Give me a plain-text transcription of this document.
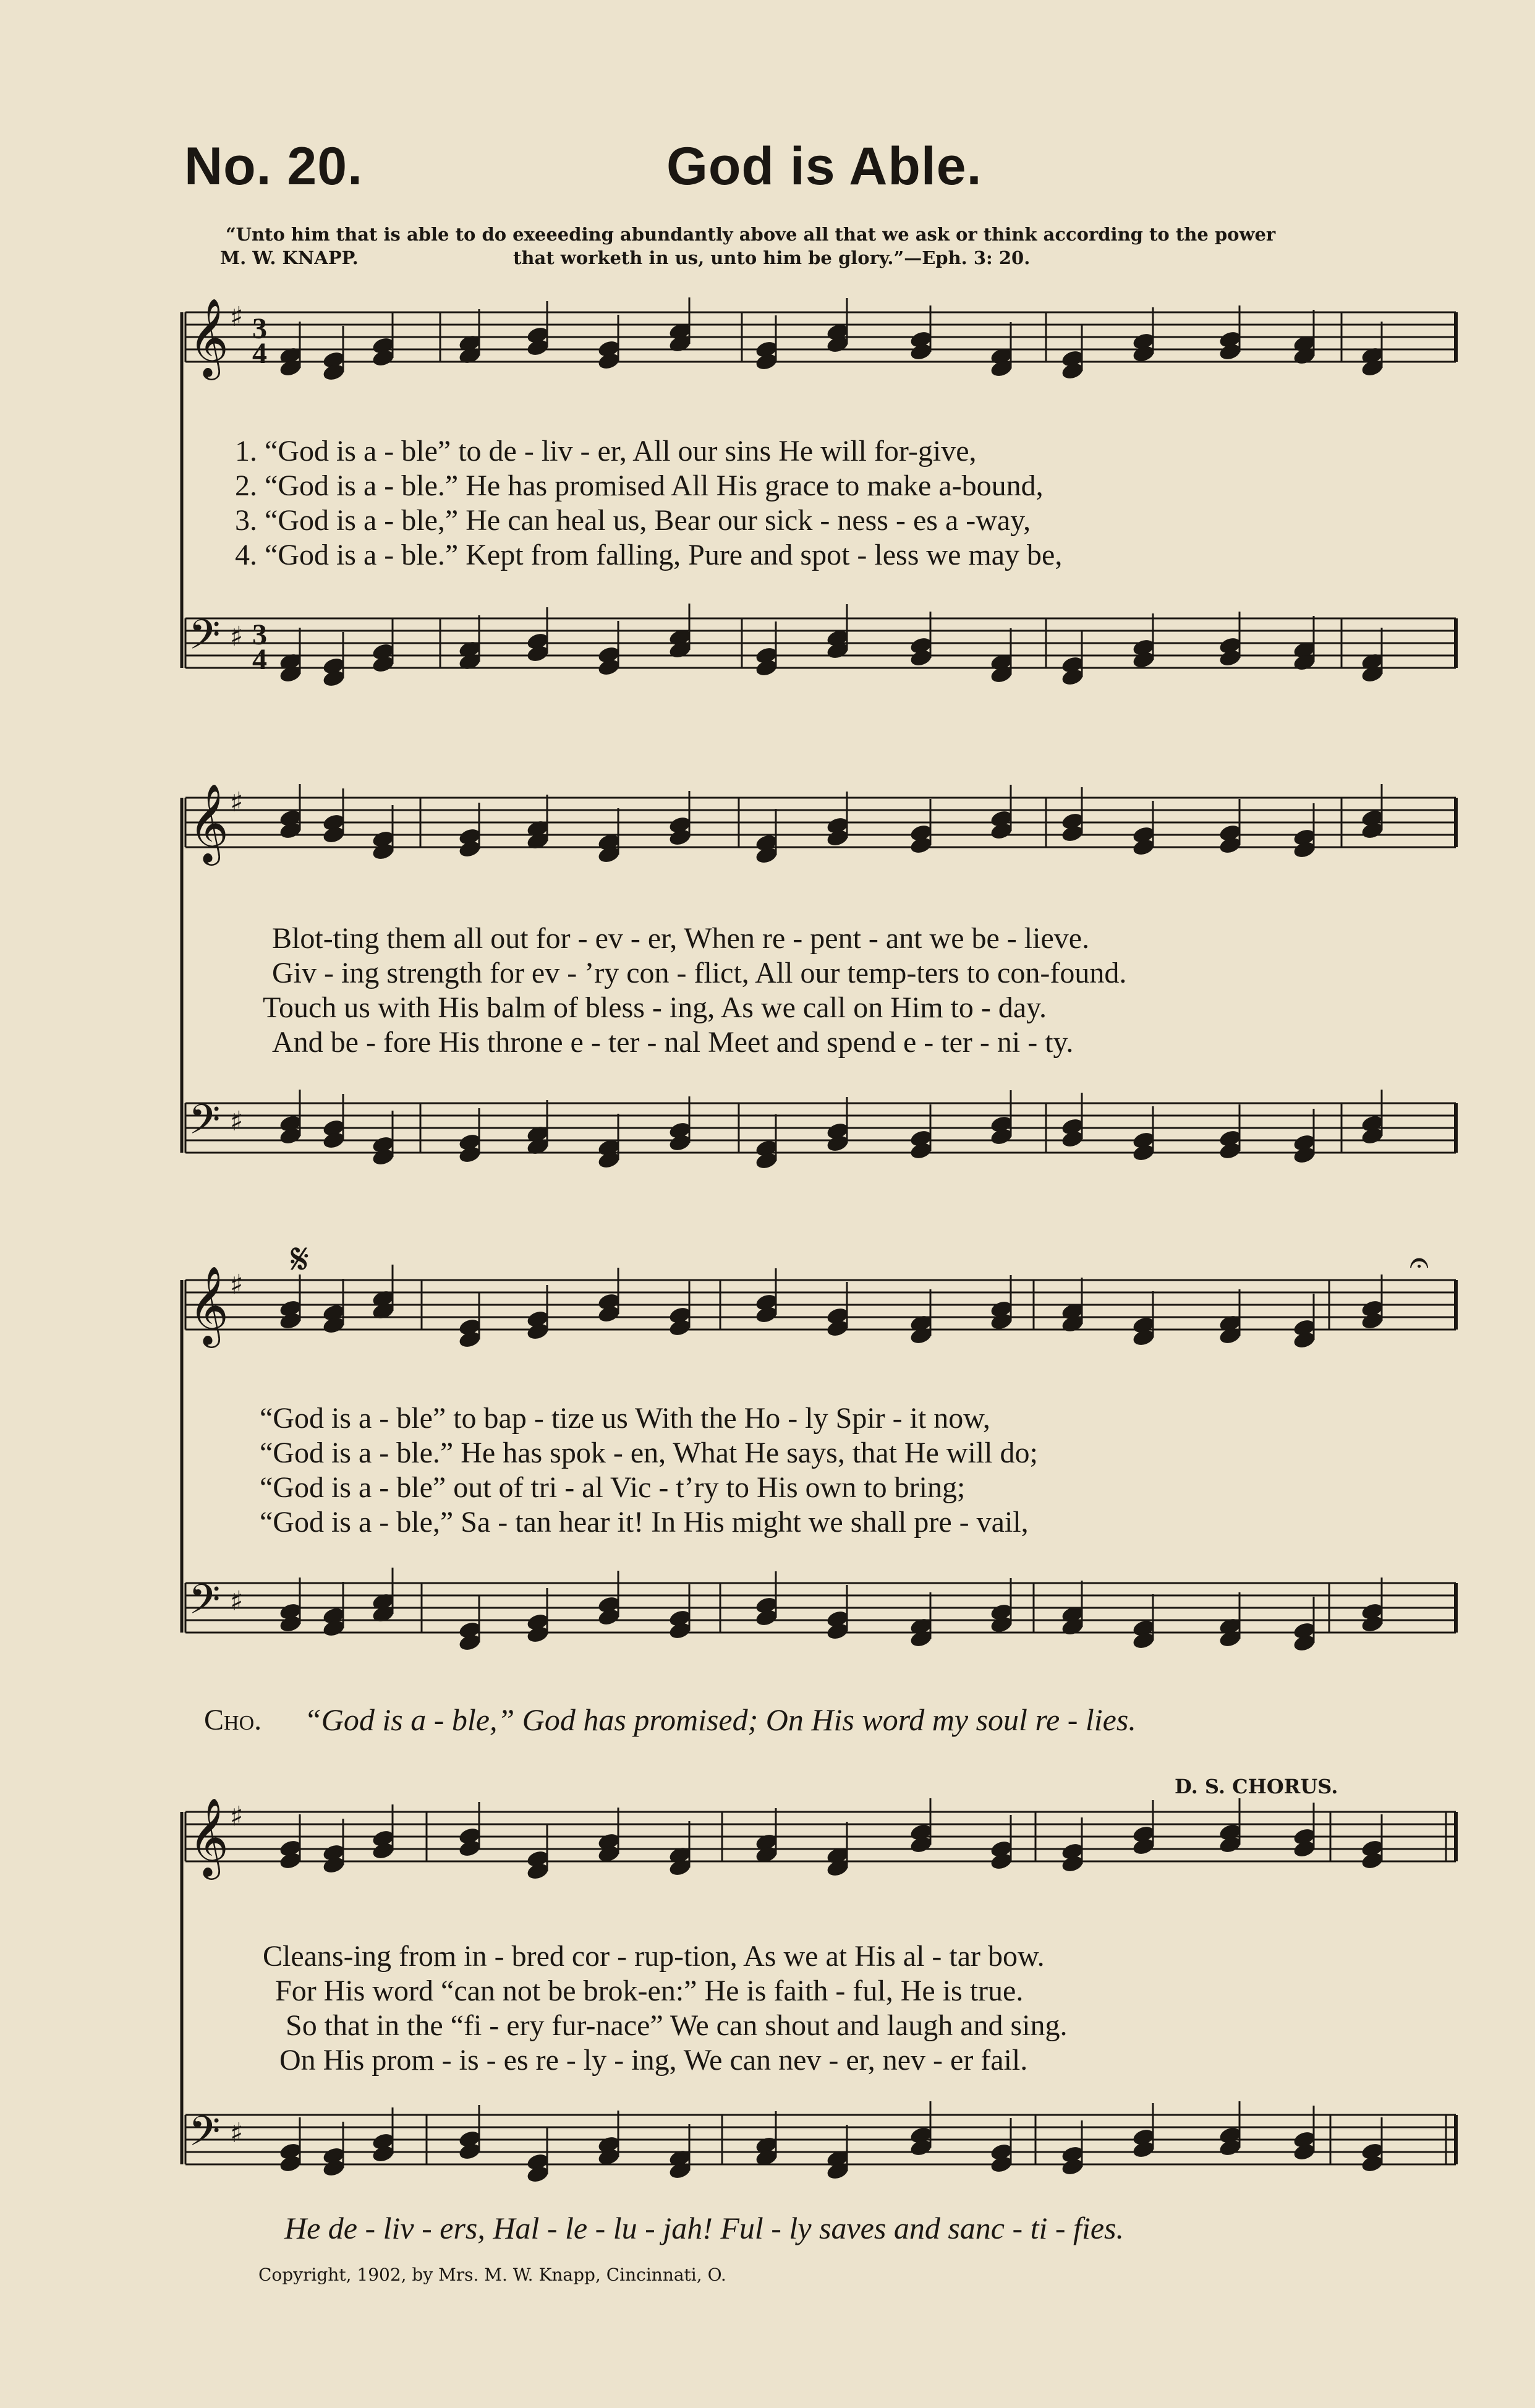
No. 20.	God is Able.
“Unto him that is able to do exeeeding abundantly above all that we ask or think according to the power
M. W. KNAPP.	that worketh in us, unto him be glory.”—Eph. 3: 20.
𝄞 ♯ 3
4
𝄢 ♯ 3
4
𝄞 ♯
𝄢 ♯
𝄞 ♯
𝄢 ♯
𝄞 ♯
𝄢 ♯
𝄋	𝄐
1. “God is a - ble” to de - liv - er, All our sins He will for-give,
2. “God is a - ble.” He has promised All His grace to make a-bound,
3. “God is a - ble,” He can heal us, Bear our sick - ness - es a -way,
4. “God is a - ble.” Kept from falling, Pure and spot - less we may be,
Blot-ting them all out for - ev - er, When re - pent - ant we be - lieve.
Giv - ing strength for ev - ’ry con - flict, All our temp-ters to con-found.
Touch us with His balm of bless - ing, As we call on Him to - day.
And be - fore His throne e - ter - nal Meet and spend e - ter - ni - ty.
“God is a - ble” to bap - tize us With the Ho - ly Spir - it now,
“God is a - ble.” He has spok - en, What He says, that He will do;
“God is a - ble” out of tri - al Vic - t’ry to His own to bring;
“God is a - ble,” Sa - tan hear it! In His might we shall pre - vail,
Cho. “God is a - ble,” God has promised; On His word my soul re - lies.
D. S. CHORUS.
Cleans-ing from in - bred cor - rup-tion, As we at His al - tar bow.
For His word “can not be brok-en:” He is faith - ful, He is true.
So that in the “fi - ery fur-nace” We can shout and laugh and sing.
On His prom - is - es re - ly - ing, We can nev - er, nev - er fail.
He de - liv - ers, Hal - le - lu - jah! Ful - ly saves and sanc - ti - fies.
Copyright, 1902, by Mrs. M. W. Knapp, Cincinnati, O.
